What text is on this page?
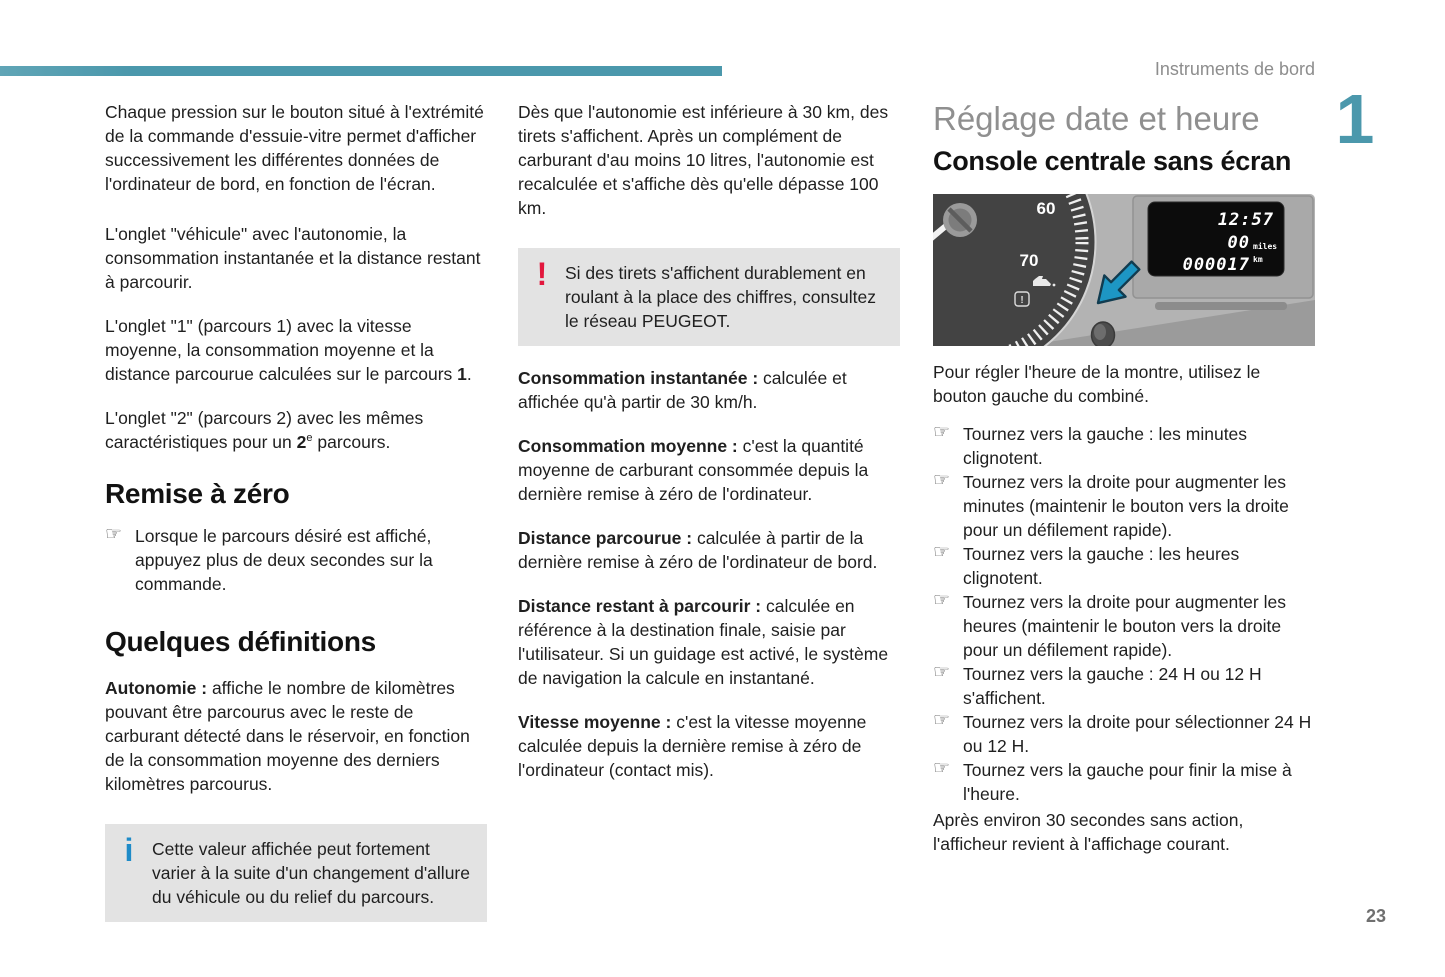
Instruments de bord
1

Chaque pression sur le bouton situé à l'extrémité de la commande d'essuie-vitre permet d'afficher successivement les différentes données de l'ordinateur de bord, en fonction de l'écran.

L'onglet "véhicule" avec l'autonomie, la consommation instantanée et la distance restant à parcourir.

L'onglet "1" (parcours 1) avec la vitesse moyenne, la consommation moyenne et la distance parcourue calculées sur le parcours 1.

L'onglet "2" (parcours 2) avec les mêmes caractéristiques pour un 2e parcours.

Remise à zéro

☞ Lorsque le parcours désiré est affiché, appuyez plus de deux secondes sur la commande.

Quelques définitions

Autonomie : affiche le nombre de kilomètres pouvant être parcourus avec le reste de carburant détecté dans le réservoir, en fonction de la consommation moyenne des derniers kilomètres parcourus.

i	Cette valeur affichée peut fortement varier à la suite d'un changement d'allure du véhicule ou du relief du parcours.

Dès que l'autonomie est inférieure à 30 km, des tirets s'affichent. Après un complément de carburant d'au moins 10 litres, l'autonomie est recalculée et s'affiche dès qu'elle dépasse 100 km.

!	Si des tirets s'affichent durablement en roulant à la place des chiffres, consultez le réseau PEUGEOT.

Consommation instantanée : calculée et affichée qu'à partir de 30 km/h.

Consommation moyenne : c'est la quantité moyenne de carburant consommée depuis la dernière remise à zéro de l'ordinateur.

Distance parcourue : calculée à partir de la dernière remise à zéro de l'ordinateur de bord.

Distance restant à parcourir : calculée en référence à la destination finale, saisie par l'utilisateur. Si un guidage est activé, le système de navigation la calcule en instantané.

Vitesse moyenne : c'est la vitesse moyenne calculée depuis la dernière remise à zéro de l'ordinateur (contact mis).

Réglage date et heure
Console centrale sans écran
60
70
!
12:57
00 miles
000017 km

Pour régler l'heure de la montre, utilisez le bouton gauche du combiné.

☞ Tournez vers la gauche : les minutes clignotent.

☞ Tournez vers la droite pour augmenter les minutes (maintenir le bouton vers la droite pour un défilement rapide).

☞ Tournez vers la gauche : les heures clignotent.

☞ Tournez vers la droite pour augmenter les heures (maintenir le bouton vers la droite pour un défilement rapide).

☞ Tournez vers la gauche : 24 H ou 12 H s'affichent.

☞ Tournez vers la droite pour sélectionner 24 H ou 12 H.

☞ Tournez vers la gauche pour finir la mise à l'heure.

Après environ 30 secondes sans action, l'afficheur revient à l'affichage courant.

23
